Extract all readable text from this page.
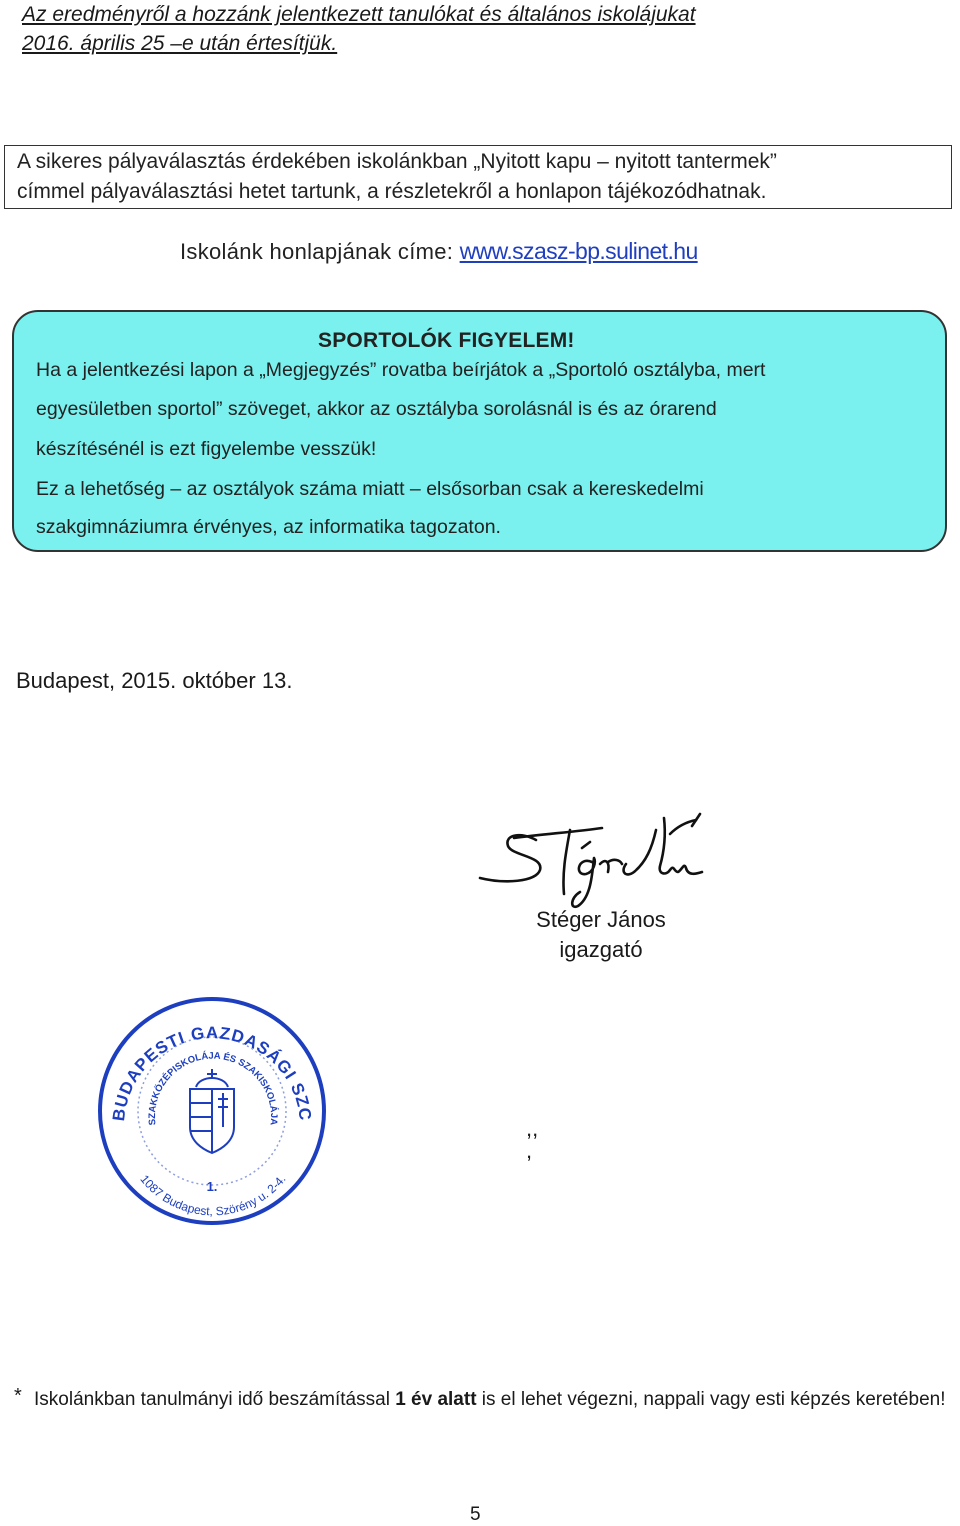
Az eredményről a hozzánk jelentkezett tanulókat és általános iskolájukat
2016. április 25 –e után értesítjük.
A sikeres pályaválasztás érdekében iskolánkban „Nyitott kapu – nyitott tantermek”
címmel pályaválasztási hetet tartunk, a részletekről a honlapon tájékozódhatnak.
Iskolánk honlapjának címe: www.szasz-bp.sulinet.hu
SPORTOLÓK FIGYELEM!
Ha a jelentkezési lapon a „Megjegyzés” rovatba beírjátok a „Sportoló osztályba, mert
egyesületben sportol” szöveget, akkor az osztályba sorolásnál is és az órarend
készítésénél is ezt figyelembe vesszük!
Ez a lehetőség – az osztályok száma miatt – elsősorban csak a kereskedelmi
szakgimnáziumra érvényes, az informatika tagozaton.
Budapest, 2015. október 13.
Stéger János
igazgató
BUDAPESTI GAZDASÁGI SZC
SZAKKÖZÉPISKOLÁJA ÉS SZAKISKOLÁJA
1087 Budapest, Szörény u. 2-4.
1.
,,
,
* Iskolánkban tanulmányi idő beszámítással 1 év alatt is el lehet végezni, nappali vagy esti képzés keretében!
5
